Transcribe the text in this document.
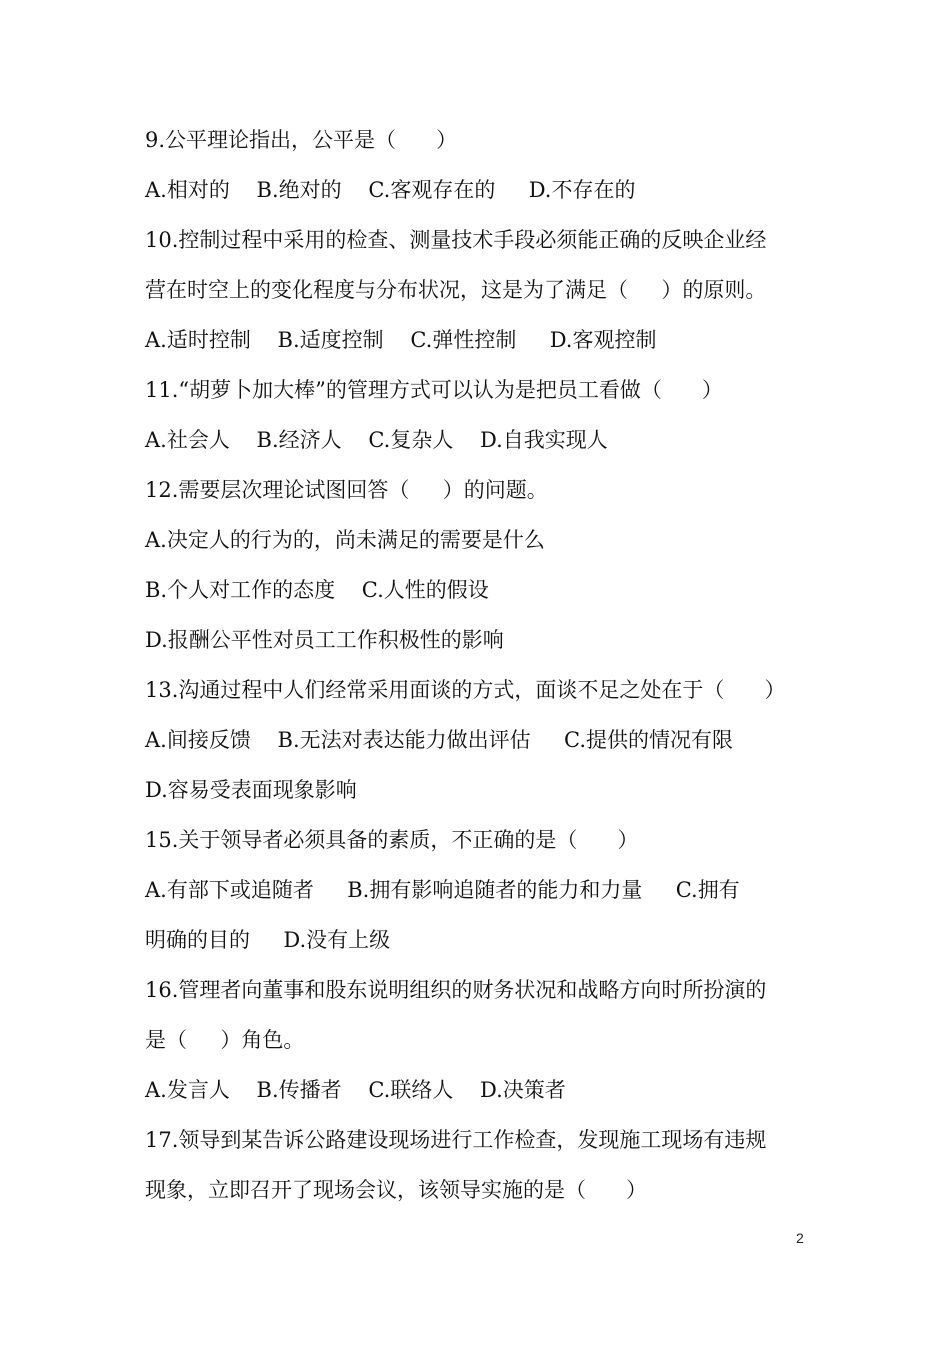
9.公平理论指出，公平是（      ）
A.相对的    B.绝对的    C.客观存在的     D.不存在的
10.控制过程中采用的检查、测量技术手段必须能正确的反映企业经
营在时空上的变化程度与分布状况，这是为了满足（     ）的原则。
A.适时控制    B.适度控制    C.弹性控制     D.客观控制
11.“胡萝卜加大棒”的管理方式可以认为是把员工看做（      ）
A.社会人    B.经济人    C.复杂人    D.自我实现人
12.需要层次理论试图回答（     ）的问题。
A.决定人的行为的，尚未满足的需要是什么
B.个人对工作的态度    C.人性的假设
D.报酬公平性对员工工作积极性的影响
13.沟通过程中人们经常采用面谈的方式，面谈不足之处在于（      ）
A.间接反馈    B.无法对表达能力做出评估     C.提供的情况有限
D.容易受表面现象影响
15.关于领导者必须具备的素质，不正确的是（      ）
A.有部下或追随者     B.拥有影响追随者的能力和力量     C.拥有
明确的目的     D.没有上级
16.管理者向董事和股东说明组织的财务状况和战略方向时所扮演的
是（     ）角色。
A.发言人    B.传播者    C.联络人    D.决策者
17.领导到某告诉公路建设现场进行工作检查，发现施工现场有违规
现象，立即召开了现场会议，该领导实施的是（      ）
2
